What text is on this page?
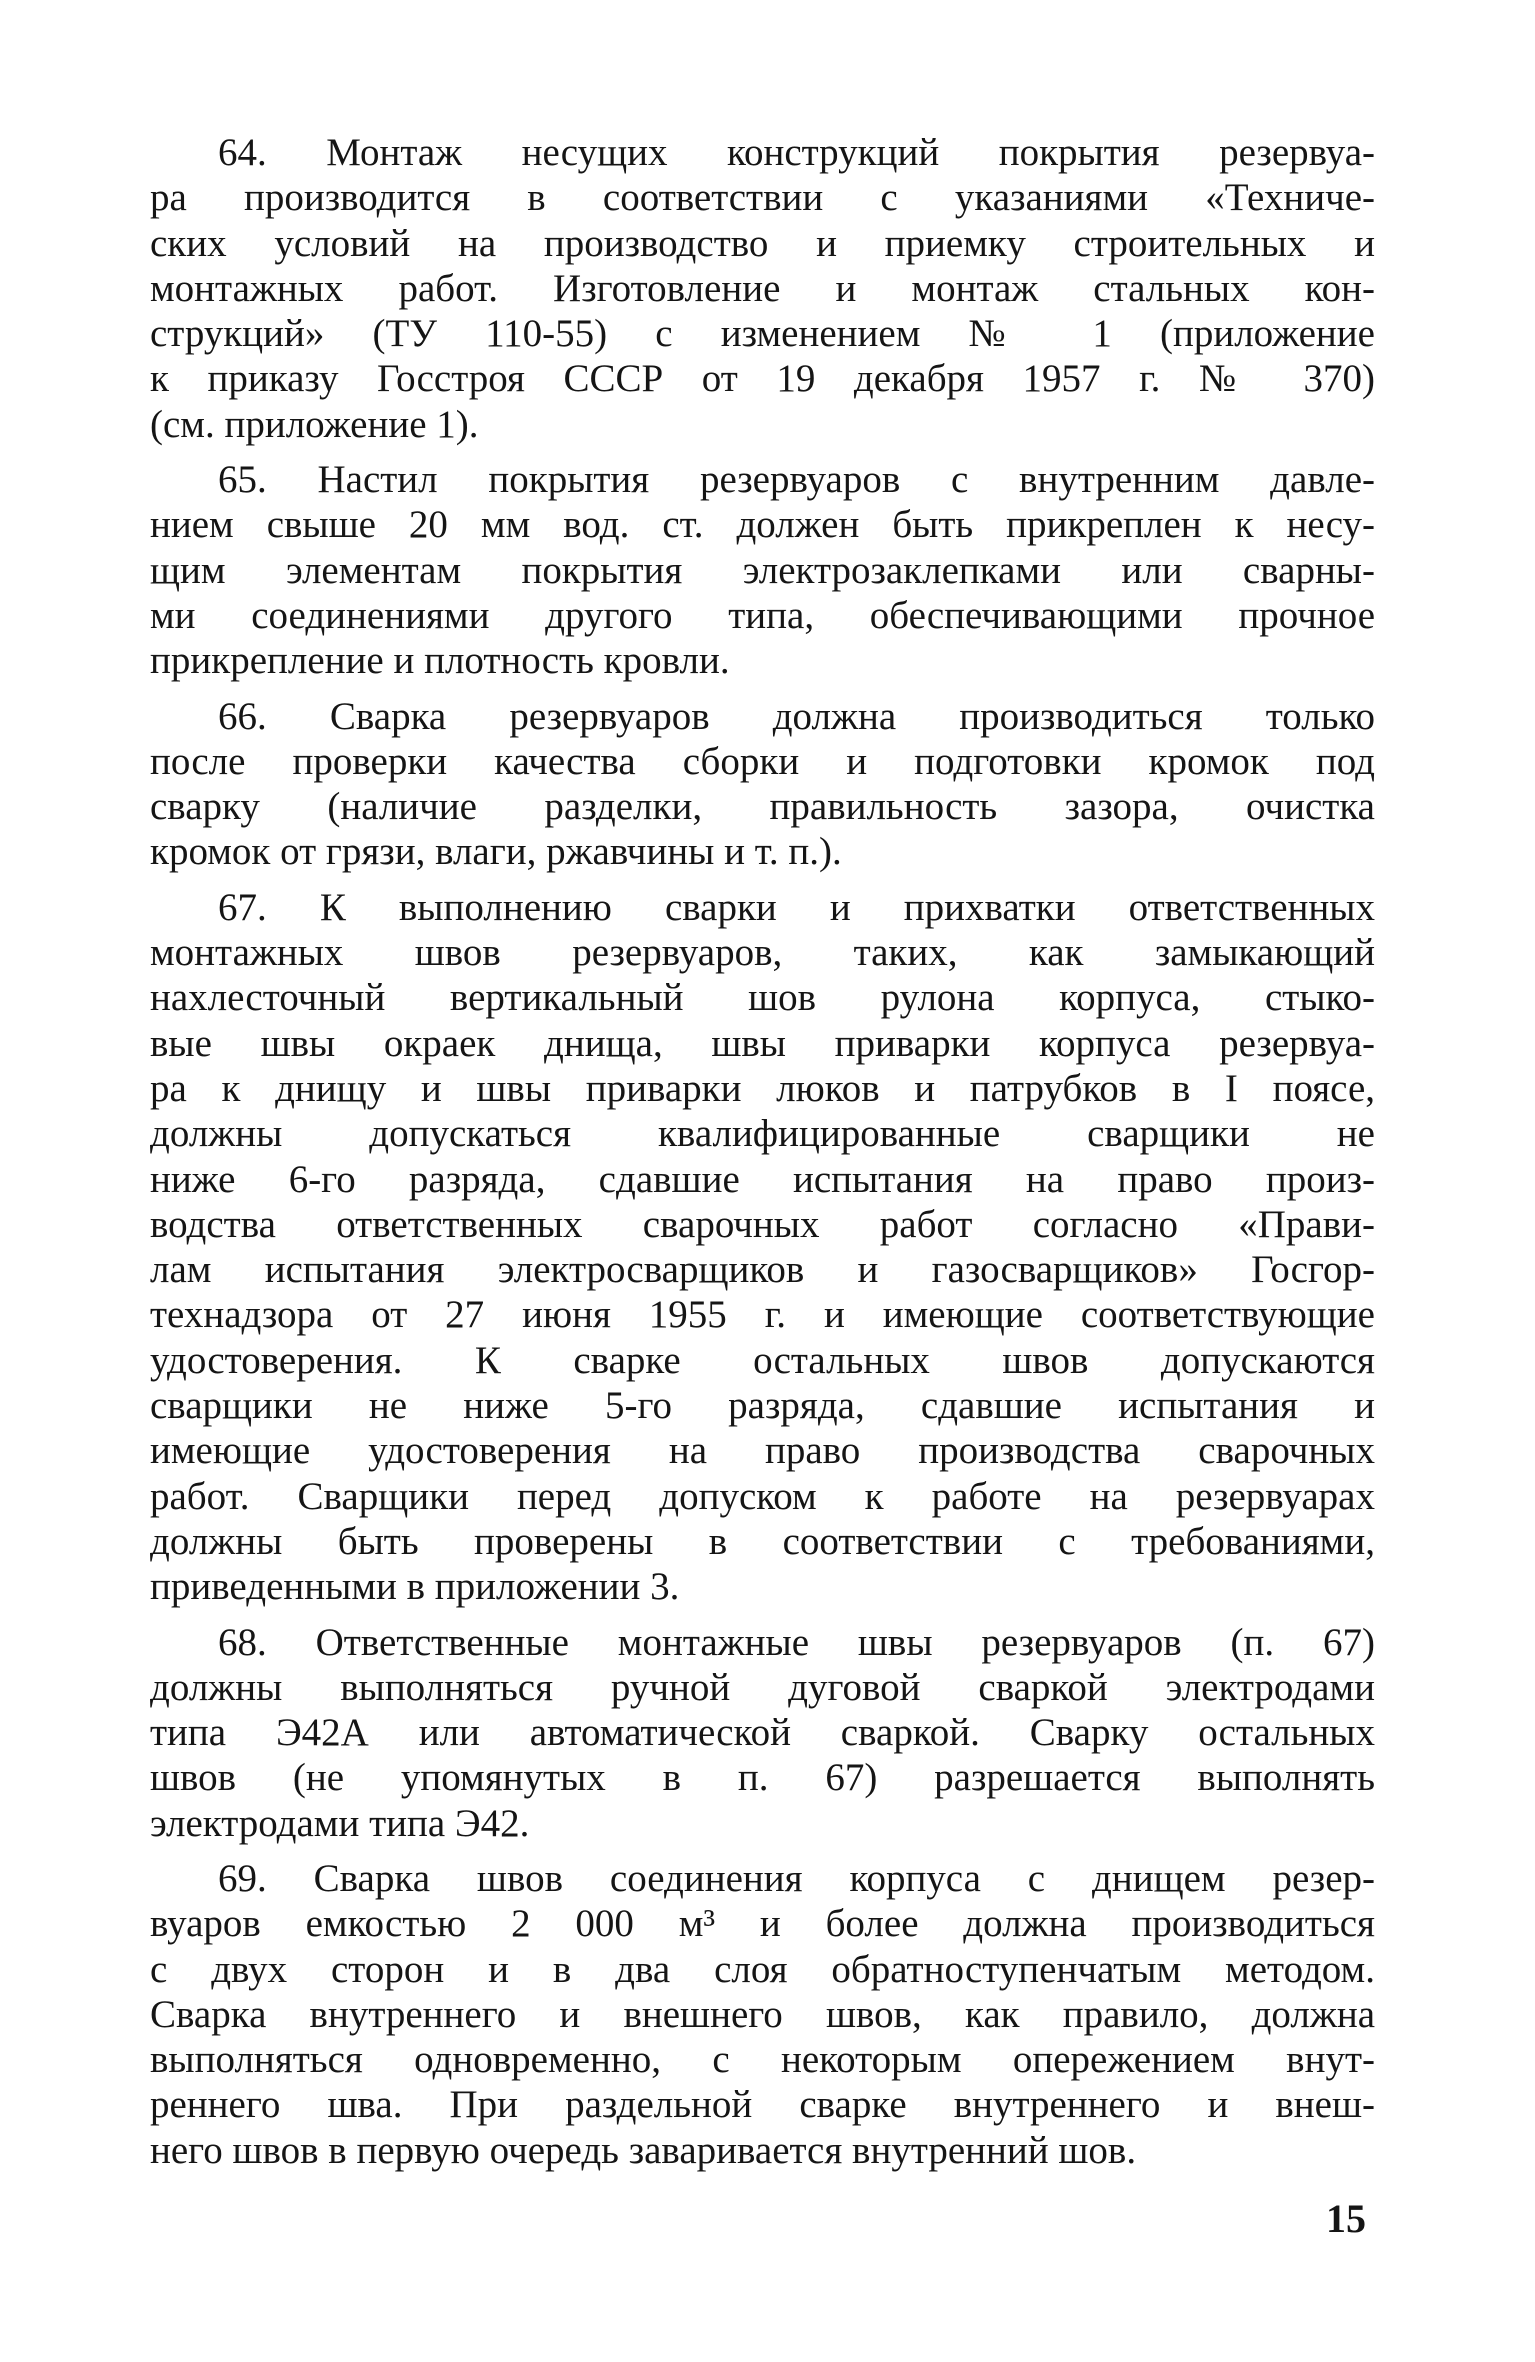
64. Монтаж несущих конструкций покрытия резервуа-
ра производится в соответствии с указаниями «Техниче-
ских условий на производство и приемку строительных и
монтажных работ. Изготовление и монтаж стальных кон-
струкций» (ТУ 110-55) с изменением № 1 (приложение
к приказу Госстроя СССР от 19 декабря 1957 г. № 370)
(см. приложение 1).
65. Настил покрытия резервуаров с внутренним давле-
нием свыше 20 мм вод. ст. должен быть прикреплен к несу-
щим элементам покрытия электрозаклепками или сварны-
ми соединениями другого типа, обеспечивающими прочное
прикрепление и плотность кровли.
66. Сварка резервуаров должна производиться только
после проверки качества сборки и подготовки кромок под
сварку (наличие разделки, правильность зазора, очистка
кромок от грязи, влаги, ржавчины и т. п.).
67. К выполнению сварки и прихватки ответственных
монтажных швов резервуаров, таких, как замыкающий
нахлесточный вертикальный шов рулона корпуса, стыко-
вые швы окраек днища, швы приварки корпуса резервуа-
ра к днищу и швы приварки люков и патрубков в I поясе,
должны допускаться квалифицированные сварщики не
ниже 6-го разряда, сдавшие испытания на право произ-
водства ответственных сварочных работ согласно «Прави-
лам испытания электросварщиков и газосварщиков» Госгор-
технадзора от 27 июня 1955 г. и имеющие соответствующие
удостоверения. К сварке остальных швов допускаются
сварщики не ниже 5-го разряда, сдавшие испытания и
имеющие удостоверения на право производства сварочных
работ. Сварщики перед допуском к работе на резервуарах
должны быть проверены в соответствии с требованиями,
приведенными в приложении 3.
68. Ответственные монтажные швы резервуаров (п. 67)
должны выполняться ручной дуговой сваркой электродами
типа Э42А или автоматической сваркой. Сварку остальных
швов (не упомянутых в п. 67) разрешается выполнять
электродами типа Э42.
69. Сварка швов соединения корпуса с днищем резер-
вуаров емкостью 2 000 м³ и более должна производиться
с двух сторон и в два слоя обратноступенчатым методом.
Сварка внутреннего и внешнего швов, как правило, должна
выполняться одновременно, с некоторым опережением внут-
реннего шва. При раздельной сварке внутреннего и внеш-
него швов в первую очередь заваривается внутренний шов.
15
